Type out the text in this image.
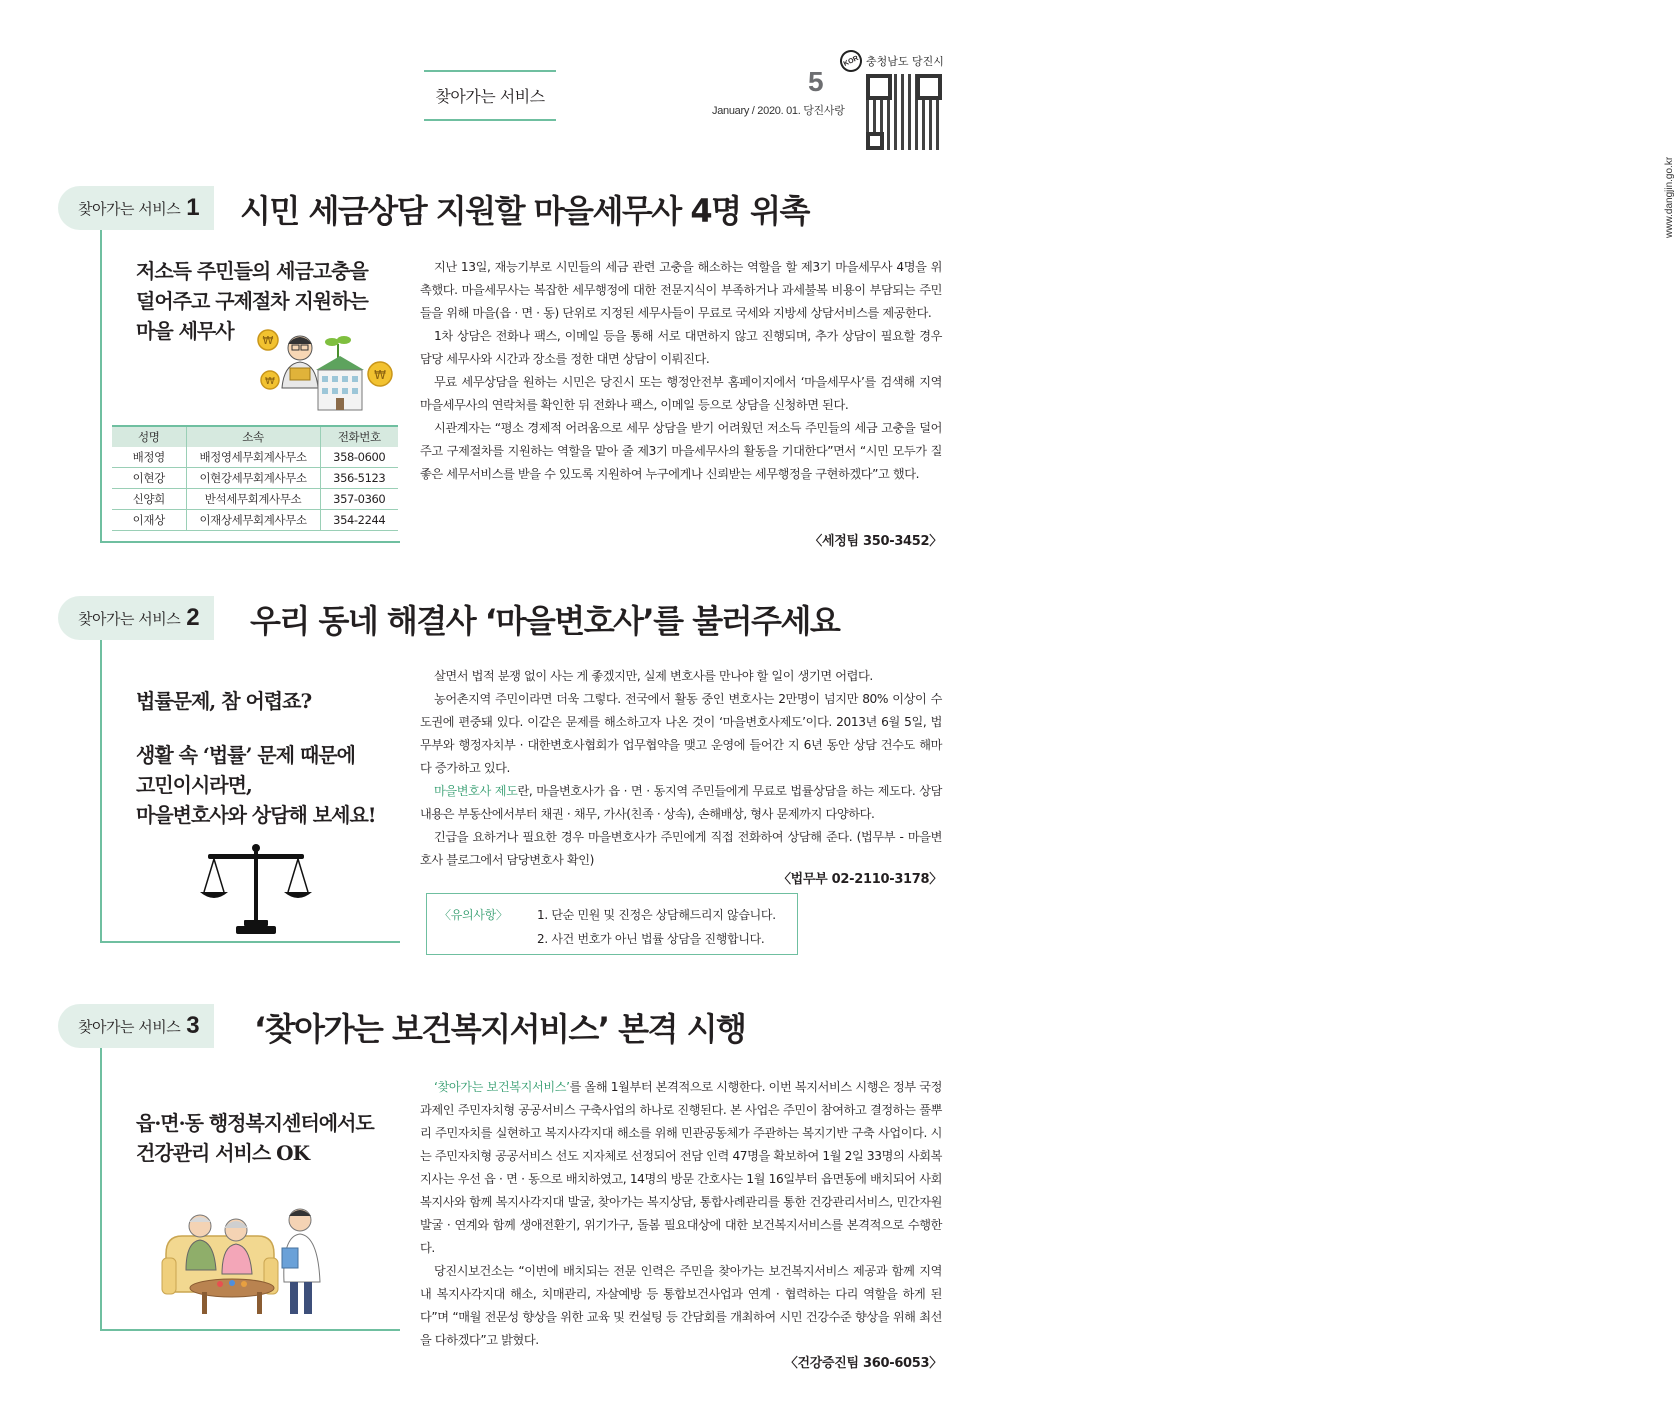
찾아가는 서비스	5
January / 2020. 01. 당진사랑
www.dangjin.go.kr
KOR 충청남도 당진시
찾아가는 서비스 1 시민 세금상담 지원할 마을세무사 4명 위촉
저소득 주민들의 세금고충을
덜어주고 구제절차 지원하는
마을 세무사	₩
₩	₩
성명	소속	전화번호
배정영	배정영세무회계사무소	358-0600
이현강	이현강세무회계사무소	356-5123
신양희	반석세무회계사무소	357-0360
이재상	이재상세무회계사무소	354-2244

지난 13일, 재능기부로 시민들의 세금 관련 고충을 해소하는 역할을 할 제3기 마을세무사 4명을 위촉했다. 마을세무사는 복잡한 세무행정에 대한 전문지식이 부족하거나 과세불복 비용이 부담되는 주민들을 위해 마을(읍 · 면 · 동) 단위로 지정된 세무사들이 무료로 국세와 지방세 상담서비스를 제공한다.

1차 상담은 전화나 팩스, 이메일 등을 통해 서로 대면하지 않고 진행되며, 추가 상담이 필요할 경우 담당 세무사와 시간과 장소를 정한 대면 상담이 이뤄진다.

무료 세무상담을 원하는 시민은 당진시 또는 행정안전부 홈페이지에서 ‘마을세무사’를 검색해 지역 마을세무사의 연락처를 확인한 뒤 전화나 팩스, 이메일 등으로 상담을 신청하면 된다.

시관계자는 “평소 경제적 어려움으로 세무 상담을 받기 어려웠던 저소득 주민들의 세금 고충을 덜어주고 구제절차를 지원하는 역할을 맡아 줄 제3기 마을세무사의 활동을 기대한다”면서 “시민 모두가 질 좋은 세무서비스를 받을 수 있도록 지원하여 누구에게나 신뢰받는 세무행정을 구현하겠다”고 했다.

〈세정팀 350-3452〉
찾아가는 서비스 2 우리 동네 해결사 ‘마을변호사’를 불러주세요
법률문제, 참 어렵죠?
생활 속 ‘법률’ 문제 때문에
고민이시라면,
마을변호사와 상담해 보세요!

살면서 법적 분쟁 없이 사는 게 좋겠지만, 실제 변호사를 만나야 할 일이 생기면 어렵다.

농어촌지역 주민이라면 더욱 그렇다. 전국에서 활동 중인 변호사는 2만명이 넘지만 80% 이상이 수도권에 편중돼 있다. 이같은 문제를 해소하고자 나온 것이 ‘마을변호사제도’이다. 2013년 6월 5일, 법무부와 행정자치부 · 대한변호사협회가 업무협약을 맺고 운영에 들어간 지 6년 동안 상담 건수도 해마다 증가하고 있다.

마을변호사 제도란, 마을변호사가 읍 · 면 · 동지역 주민들에게 무료로 법률상담을 하는 제도다. 상담 내용은 부동산에서부터 채권 · 채무, 가사(친족 · 상속), 손해배상, 형사 문제까지 다양하다.

긴급을 요하거나 필요한 경우 마을변호사가 주민에게 직접 전화하여 상담해 준다. (법무부 - 마을변호사 블로그에서 담당변호사 확인)

〈법무부 02-2110-3178〉
〈유의사항〉 1. 단순 민원 및 진정은 상담해드리지 않습니다.
2. 사건 번호가 아닌 법률 상담을 진행합니다.
찾아가는 서비스 3 ‘찾아가는 보건복지서비스’ 본격 시행
읍·면·동 행정복지센터에서도
건강관리 서비스 OK

‘찾아가는 보건복지서비스’를 올해 1월부터 본격적으로 시행한다. 이번 복지서비스 시행은 정부 국정과제인 주민자치형 공공서비스 구축사업의 하나로 진행된다. 본 사업은 주민이 참여하고 결정하는 풀뿌리 주민자치를 실현하고 복지사각지대 해소를 위해 민관공동체가 주관하는 복지기반 구축 사업이다. 시는 주민자치형 공공서비스 선도 지자체로 선정되어 전담 인력 47명을 확보하여 1월 2일 33명의 사회복지사는 우선 읍 · 면 · 동으로 배치하였고, 14명의 방문 간호사는 1월 16일부터 읍면동에 배치되어 사회복지사와 함께 복지사각지대 발굴, 찾아가는 복지상담, 통합사례관리를 통한 건강관리서비스, 민간자원 발굴 · 연계와 함께 생애전환기, 위기가구, 돌봄 필요대상에 대한 보건복지서비스를 본격적으로 수행한다.

당진시보건소는 “이번에 배치되는 전문 인력은 주민을 찾아가는 보건복지서비스 제공과 함께 지역 내 복지사각지대 해소, 치매관리, 자살예방 등 통합보건사업과 연계 · 협력하는 다리 역할을 하게 된다”며 “매월 전문성 향상을 위한 교육 및 컨설팅 등 간담회를 개최하여 시민 건강수준 향상을 위해 최선을 다하겠다”고 밝혔다.

〈건강증진팀 360-6053〉
